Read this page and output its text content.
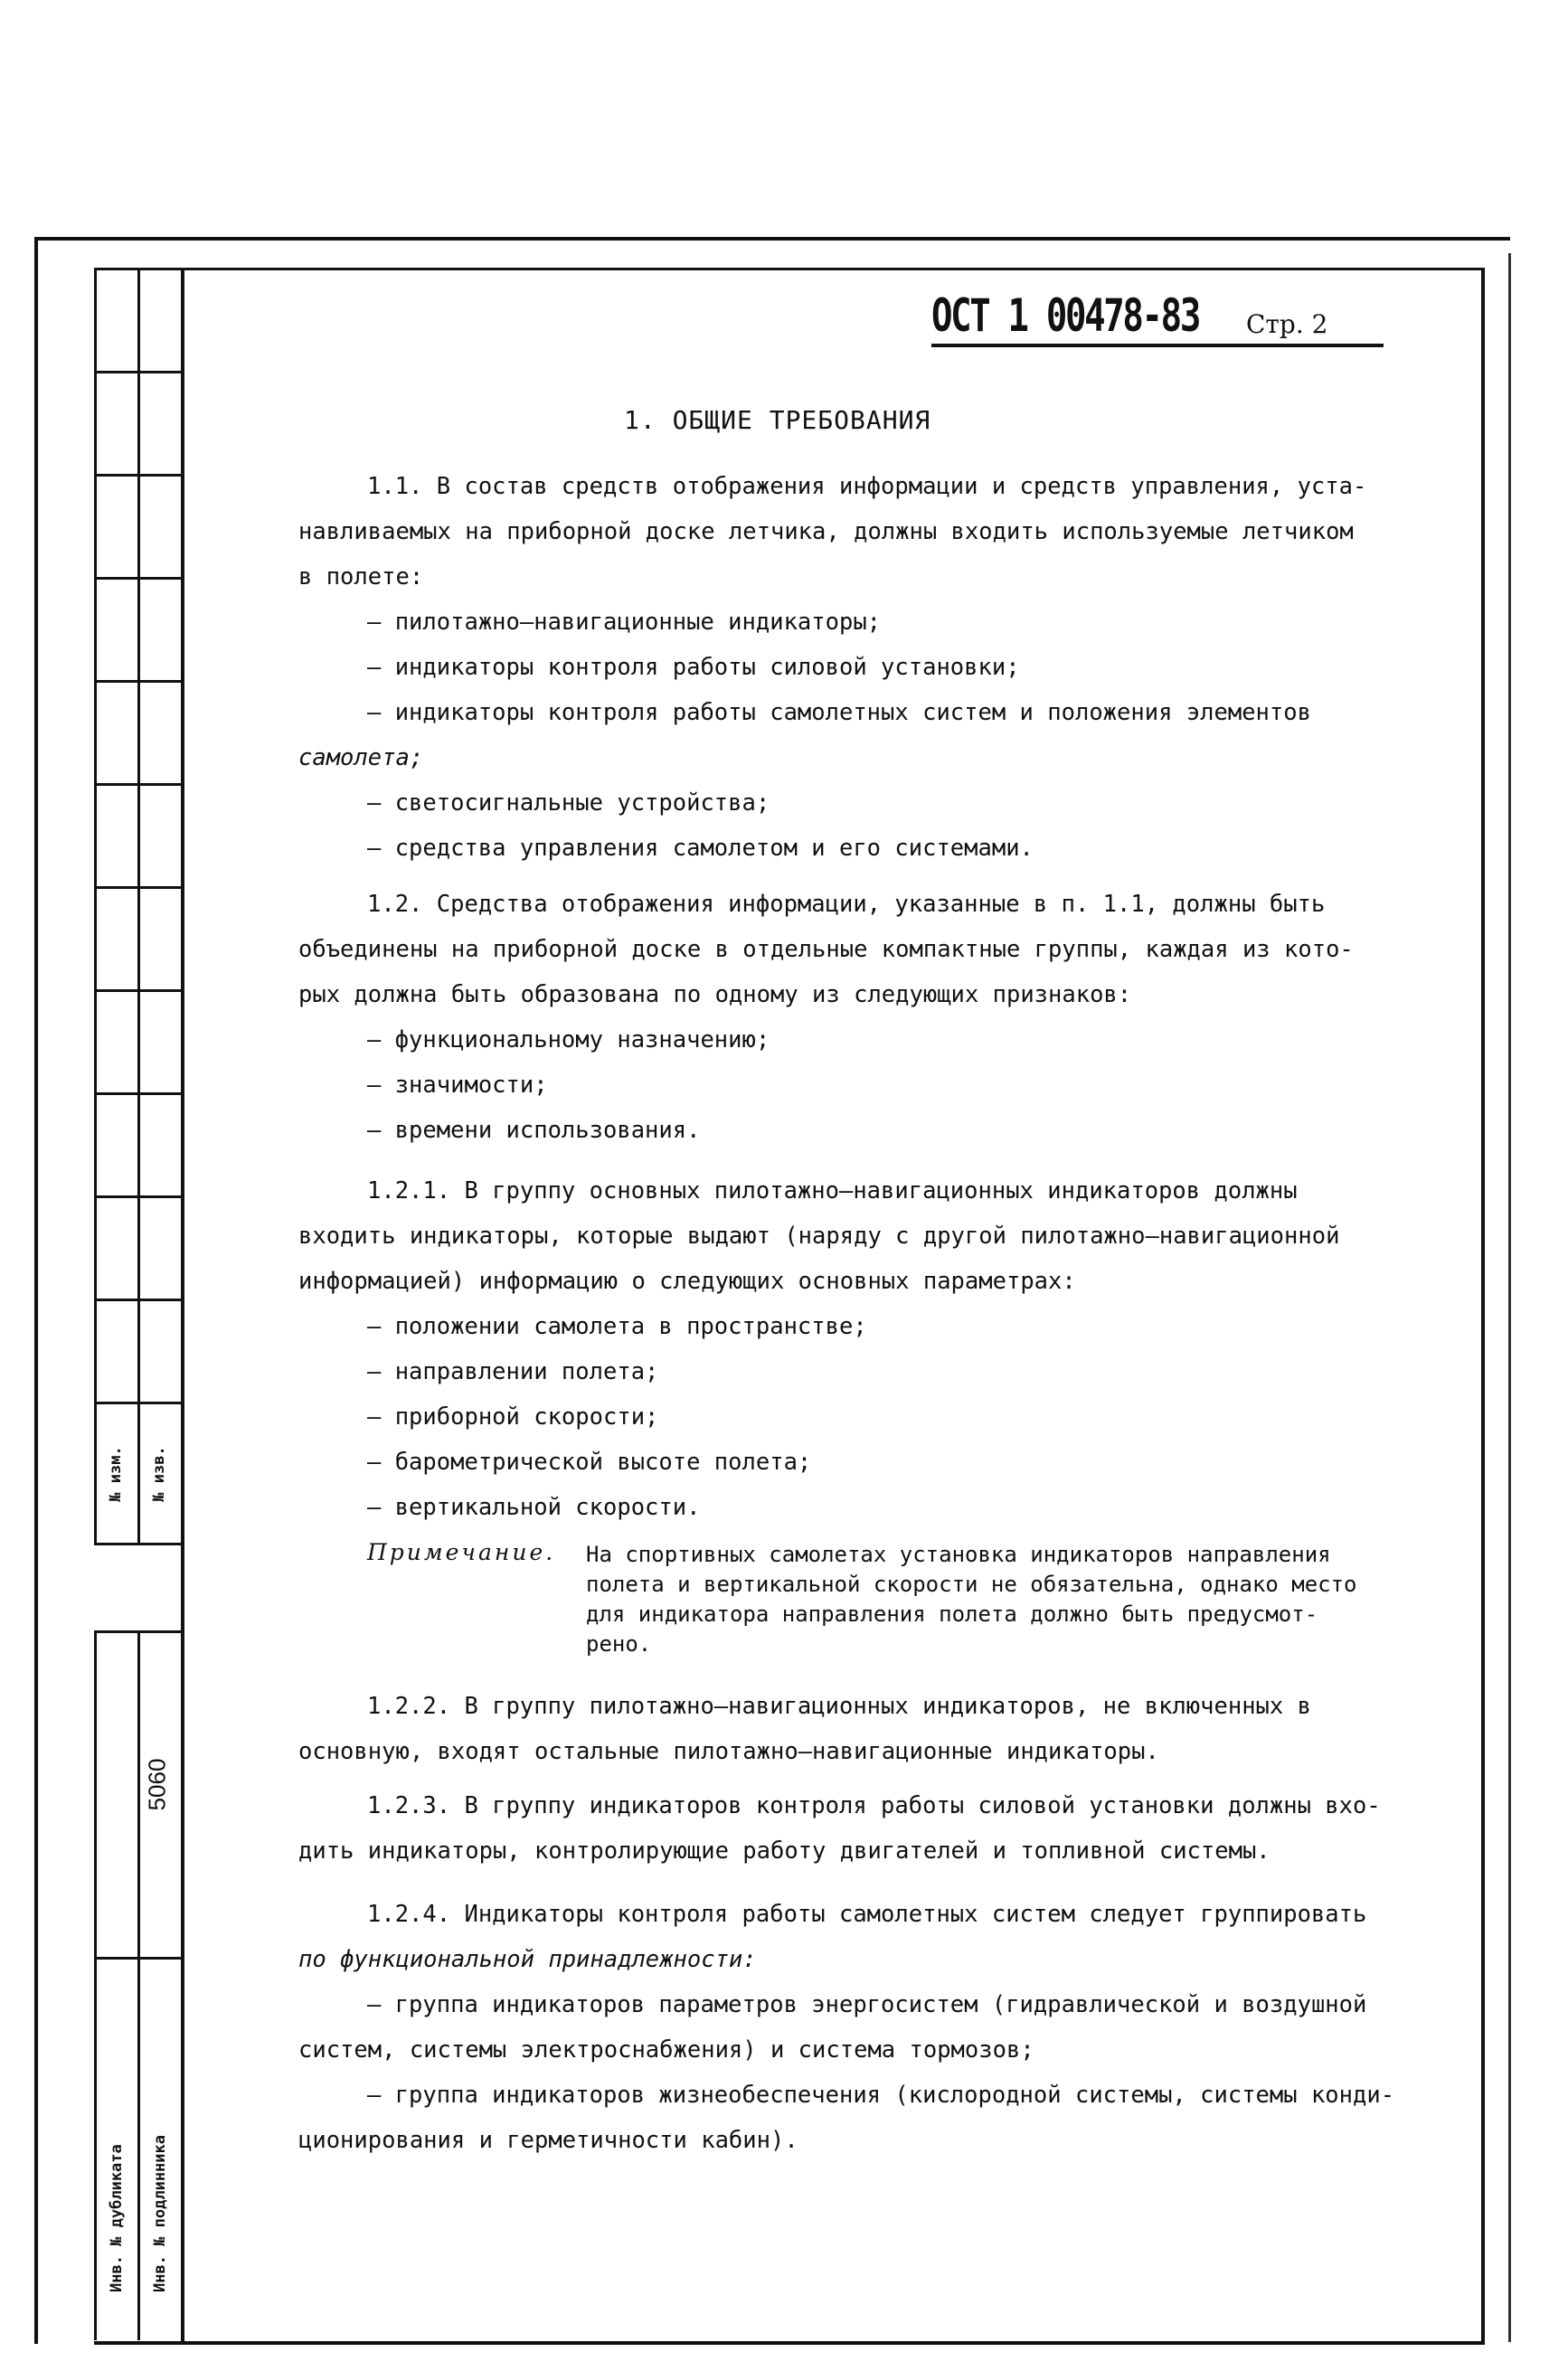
№ изм. № изв.
Инв. № дубликата Инв. № подлинника
5060
ОСТ 1 00478-83 Стр. 2
1. ОБЩИЕ ТРЕБОВАНИЯ
1.1. В состав средств отображения информации и средств управления, уста-
навливаемых на приборной доске летчика, должны входить используемые летчиком
в полете:
– пилотажно–навигационные индикаторы;
– индикаторы контроля работы силовой установки;
– индикаторы контроля работы самолетных систем и положения элементов
самолета;
– светосигнальные устройства;
– средства управления самолетом и его системами.
1.2. Средства отображения информации, указанные в п. 1.1, должны быть
объединены на приборной доске в отдельные компактные группы, каждая из кото-
рых должна быть образована по одному из следующих признаков:
– функциональному назначению;
– значимости;
– времени использования.
1.2.1. В группу основных пилотажно–навигационных индикаторов должны
входить индикаторы, которые выдают (наряду с другой пилотажно–навигационной
информацией) информацию о следующих основных параметрах:
– положении самолета в пространстве;
– направлении полета;
– приборной скорости;
– барометрической высоте полета;
– вертикальной скорости.
Примечание. На спортивных самолетах установка индикаторов направления
полета и вертикальной скорости не обязательна, однако место
для индикатора направления полета должно быть предусмот-
рено.
1.2.2. В группу пилотажно–навигационных индикаторов, не включенных в
основную, входят остальные пилотажно–навигационные индикаторы.
1.2.3. В группу индикаторов контроля работы силовой установки должны вхо-
дить индикаторы, контролирующие работу двигателей и топливной системы.
1.2.4. Индикаторы контроля работы самолетных систем следует группировать
по функциональной принадлежности:
– группа индикаторов параметров энергосистем (гидравлической и воздушной
систем, системы электроснабжения) и система тормозов;
– группа индикаторов жизнеобеспечения (кислородной системы, системы конди-
ционирования и герметичности кабин).
